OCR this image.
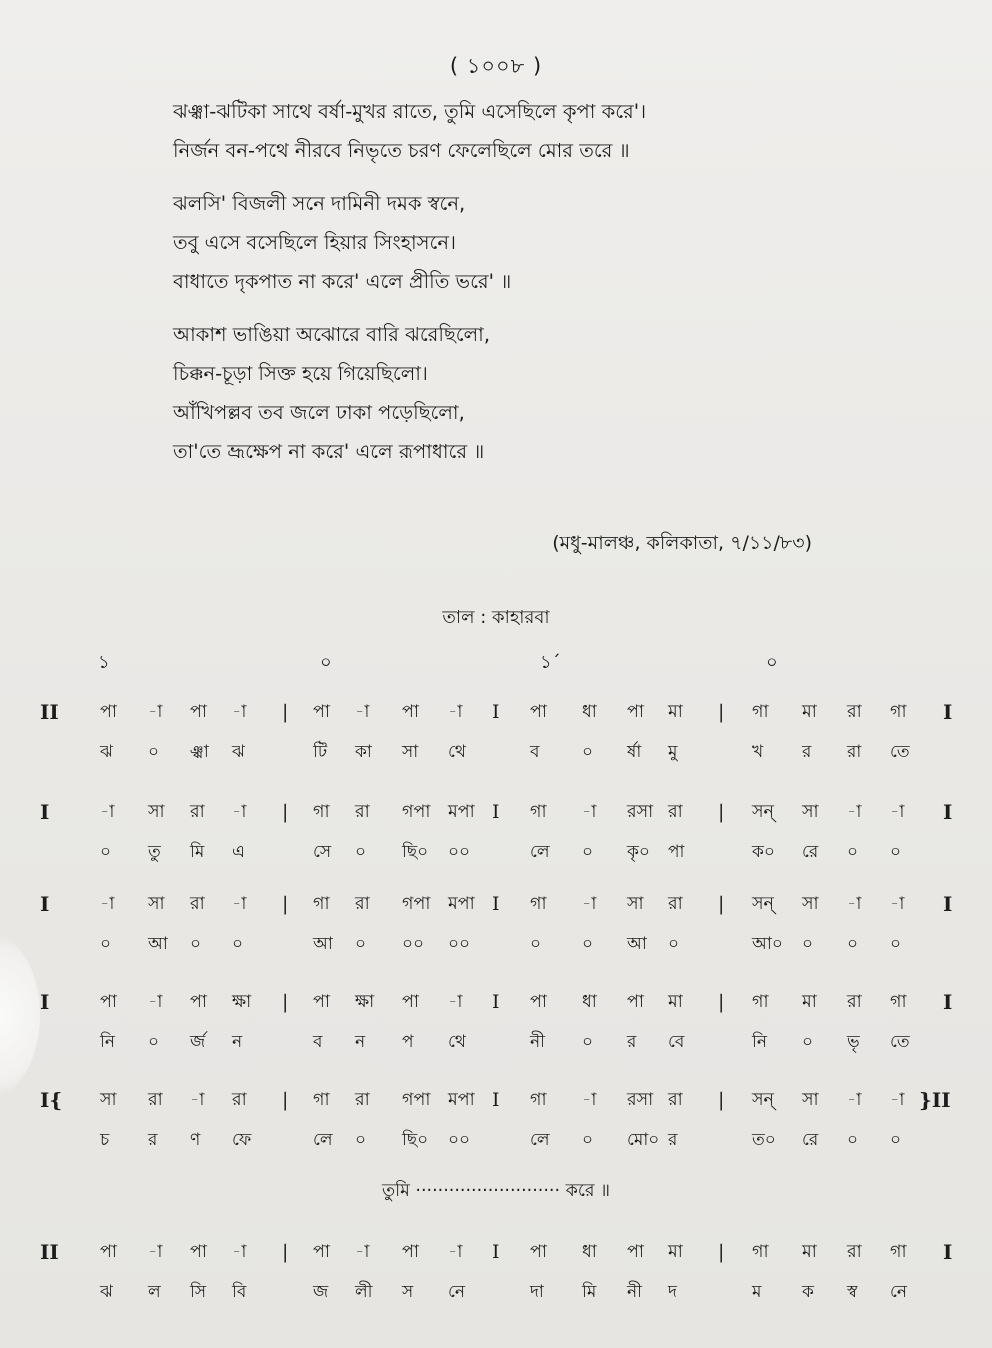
( ১০০৮ )
ঝঞ্ঝা-ঝটিকা সাথে বর্ষা-মুখর রাতে, তুমি এসেছিলে কৃপা করে'।
নির্জন বন-পথে নীরবে নিভৃতে চরণ ফেলেছিলে মোর তরে ॥
ঝলসি' বিজলী সনে দামিনী দমক স্বনে,
তবু এসে বসেছিলে হিয়ার সিংহাসনে।
বাধাতে দৃকপাত না করে' এলে প্রীতি ভরে' ॥
আকাশ ভাঙিয়া অঝোরে বারি ঝরেছিলো,
চিক্কন-চূড়া সিক্ত হয়ে গিয়েছিলো।
আঁখিপল্লব তব জলে ঢাকা পড়েছিলো,
তা'তে ভ্রূক্ষেপ না করে' এলে রূপাধারে ॥
(মধু-মালঞ্চ, কলিকাতা, ৭/১১/৮৩)
তাল : কাহারবা
১	০	১´	০
II পা -া পা -া | পা -া পা -া I পা ধা পা মা | গা মা রা গা I
ঝ ০ ঞ্ঝা ঝ	টি কা সা থে	ব	০ র্ষা মু	খ র রা তে
I	-া সা রা -া | গা রা গপা মপা I গা -া রসা রা | সন্ সা -া -া I
০ তু মি এ	সে ০ ছি০ ০০	লে ০ কৃ০ পা	ক০ রে ০ ০
I	-া সা রা -া | গা রা গপা মপা I গা -া সা রা | সন্ সা -া -া I
০ আ ০ ০	আ ০ ০০ ০০	০ ০ আ ০	আ০ ০ ০ ০
I	পা -া পা ক্ষা | পা ক্ষা পা -া I পা ধা পা মা | গা মা রা গা I
নি ০ র্জ ন	ব ন প থে	নী ০ র বে	নি ০ ভৃ তে
I{ সা রা -া রা | গা রা গপা মপা I গা -া রসা রা | সন্ সা -া -া }II
চ র ণ ফে	লে ০ ছি০ ০০	লে ০ মো০ র	ত০ রে ০ ০
II পা -া পা -া | পা -া পা -া I পা ধা পা মা | গা মা রা গা I
ঝ ল সি বি	জ লী স নে	দা মি নী দ	ম ক স্ব নে
তুমি ·························· করে ॥
